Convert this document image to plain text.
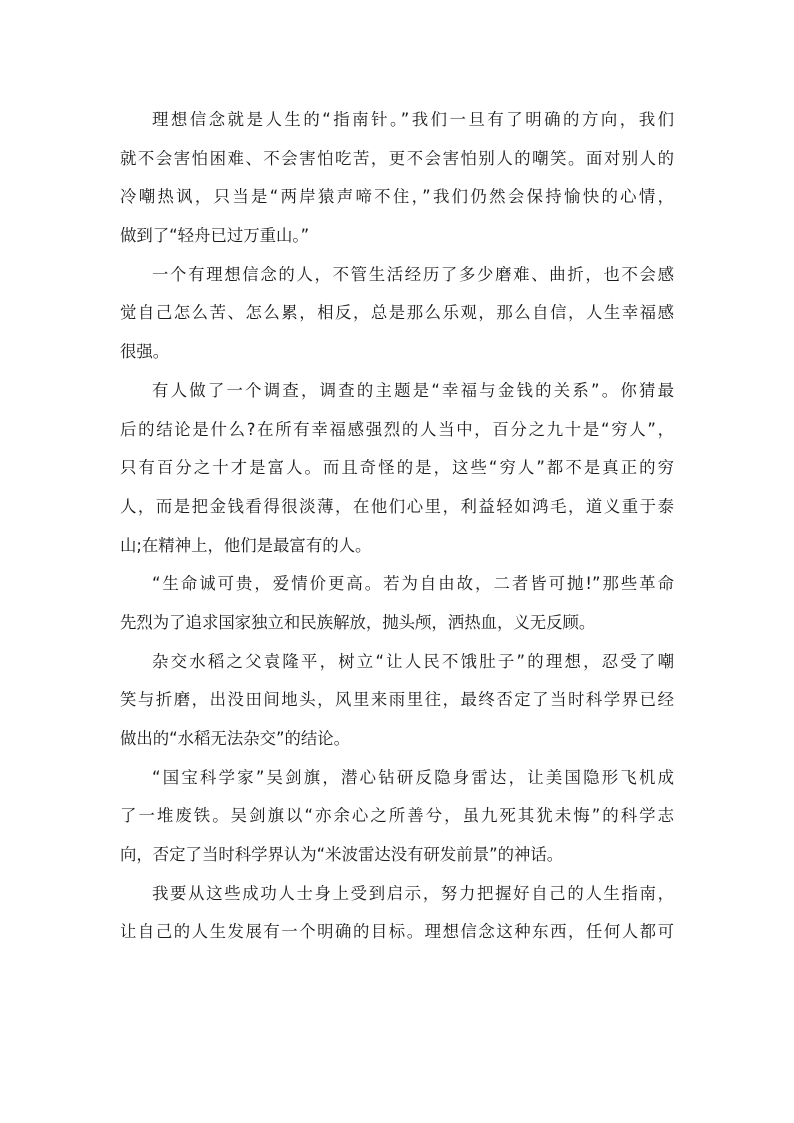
理想信念就是人生的“指南针。”我们一旦有了明确的方向，我们
就不会害怕困难、不会害怕吃苦，更不会害怕别人的嘲笑。面对别人的
冷嘲热讽，只当是“两岸猿声啼不住，”我们仍然会保持愉快的心情，
做到了“轻舟已过万重山。”
一个有理想信念的人，不管生活经历了多少磨难、曲折，也不会感
觉自己怎么苦、怎么累，相反，总是那么乐观，那么自信，人生幸福感
很强。
有人做了一个调查，调查的主题是“幸福与金钱的关系”。你猜最
后的结论是什么?在所有幸福感强烈的人当中，百分之九十是“穷人”，
只有百分之十才是富人。而且奇怪的是，这些“穷人”都不是真正的穷
人，而是把金钱看得很淡薄，在他们心里，利益轻如鸿毛，道义重于泰
山;在精神上，他们是最富有的人。
“生命诚可贵，爱情价更高。若为自由故，二者皆可抛!”那些革命
先烈为了追求国家独立和民族解放，抛头颅，洒热血，义无反顾。
杂交水稻之父袁隆平，树立“让人民不饿肚子”的理想，忍受了嘲
笑与折磨，出没田间地头，风里来雨里往，最终否定了当时科学界已经
做出的“水稻无法杂交”的结论。
“国宝科学家”吴剑旗，潜心钻研反隐身雷达，让美国隐形飞机成
了一堆废铁。吴剑旗以“亦余心之所善兮，虽九死其犹未悔”的科学志
向，否定了当时科学界认为“米波雷达没有研发前景”的神话。
我要从这些成功人士身上受到启示，努力把握好自己的人生指南，
让自己的人生发展有一个明确的目标。理想信念这种东西，任何人都可
